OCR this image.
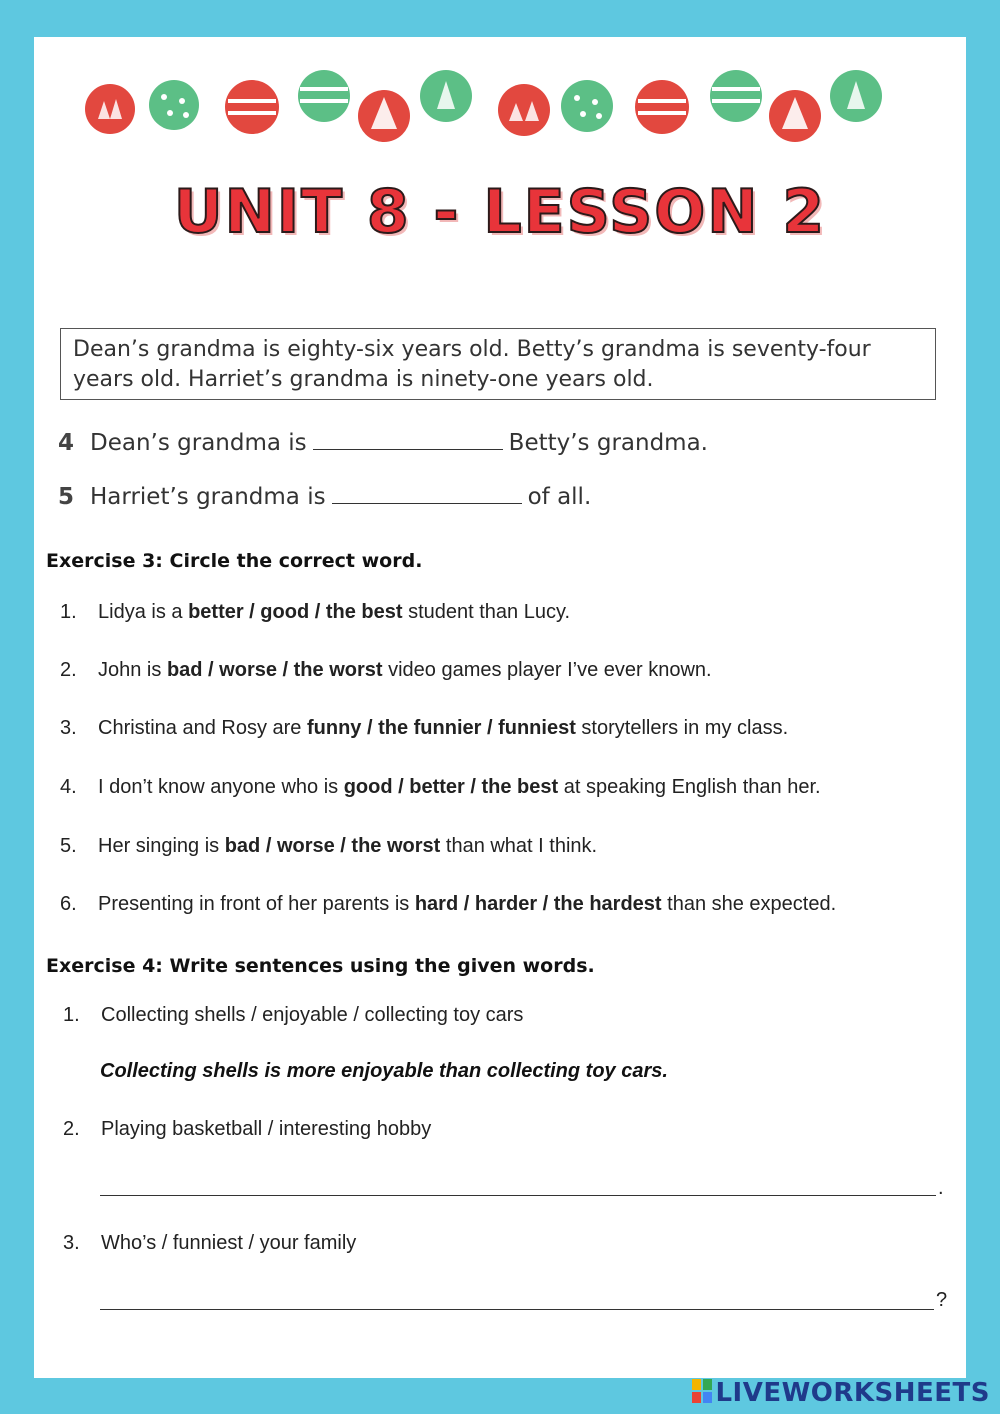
UNIT 8 - LESSON 2
Dean’s grandma is eighty-six years old. Betty’s grandma is seventy-four years old. Harriet’s grandma is ninety-one years old.
4 Dean’s grandma is	Betty’s grandma.
5 Harriet’s grandma is	of all.
Exercise 3: Circle the correct word.
1. Lidya is a better / good / the best student than Lucy.
2. John is bad / worse / the worst video games player I’ve ever known.
3. Christina and Rosy are funny / the funnier / funniest storytellers in my class.
4. I don’t know anyone who is good / better / the best at speaking English than her.
5. Her singing is bad / worse / the worst than what I think.
6. Presenting in front of her parents is hard / harder / the hardest than she expected.
Exercise 4: Write sentences using the given words.
1. Collecting shells / enjoyable / collecting toy cars
Collecting shells is more enjoyable than collecting toy cars.
2. Playing basketball / interesting hobby
.
3. Who’s / funniest / your family
?
LIVEWORKSHEETS
